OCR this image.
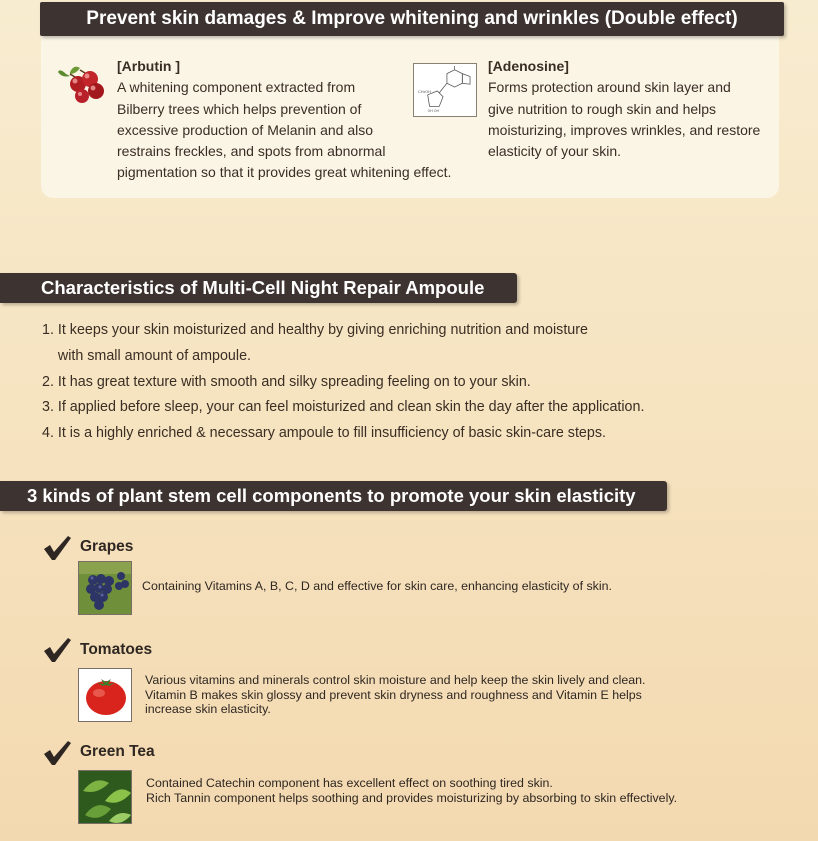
Prevent skin damages & Improve whitening and wrinkles (Double effect)
[Arbutin ]
A whitening component extracted from
Bilberry trees which helps prevention of
excessive production of Melanin and also
restrains freckles, and spots from abnormal
pigmentation so that it provides great whitening effect.
CH₂OH
OH OH
[Adenosine]
Forms protection around skin layer and
give nutrition to rough skin and helps
moisturizing, improves wrinkles, and restore
elasticity of your skin.
Characteristics of Multi-Cell Night Repair Ampoule
1. It keeps your skin moisturized and healthy by giving enriching nutrition and moisture
with small amount of ampoule.
2. It has great texture with smooth and silky spreading feeling on to your skin.
3. If applied before sleep, your can feel moisturized and clean skin the day after the application.
4. It is a highly enriched & necessary ampoule to fill insufficiency of basic skin-care steps.
3 kinds of plant stem cell components to promote your skin elasticity
Grapes
Containing Vitamins A, B, C, D and effective for skin care, enhancing elasticity of skin.
Tomatoes
Various vitamins and minerals control skin moisture and help keep the skin lively and clean.
Vitamin B makes skin glossy and prevent skin dryness and roughness and Vitamin E helps
increase skin elasticity.
Green Tea
Contained Catechin component has excellent effect on soothing tired skin.
Rich Tannin component helps soothing and provides moisturizing by absorbing to skin effectively.
